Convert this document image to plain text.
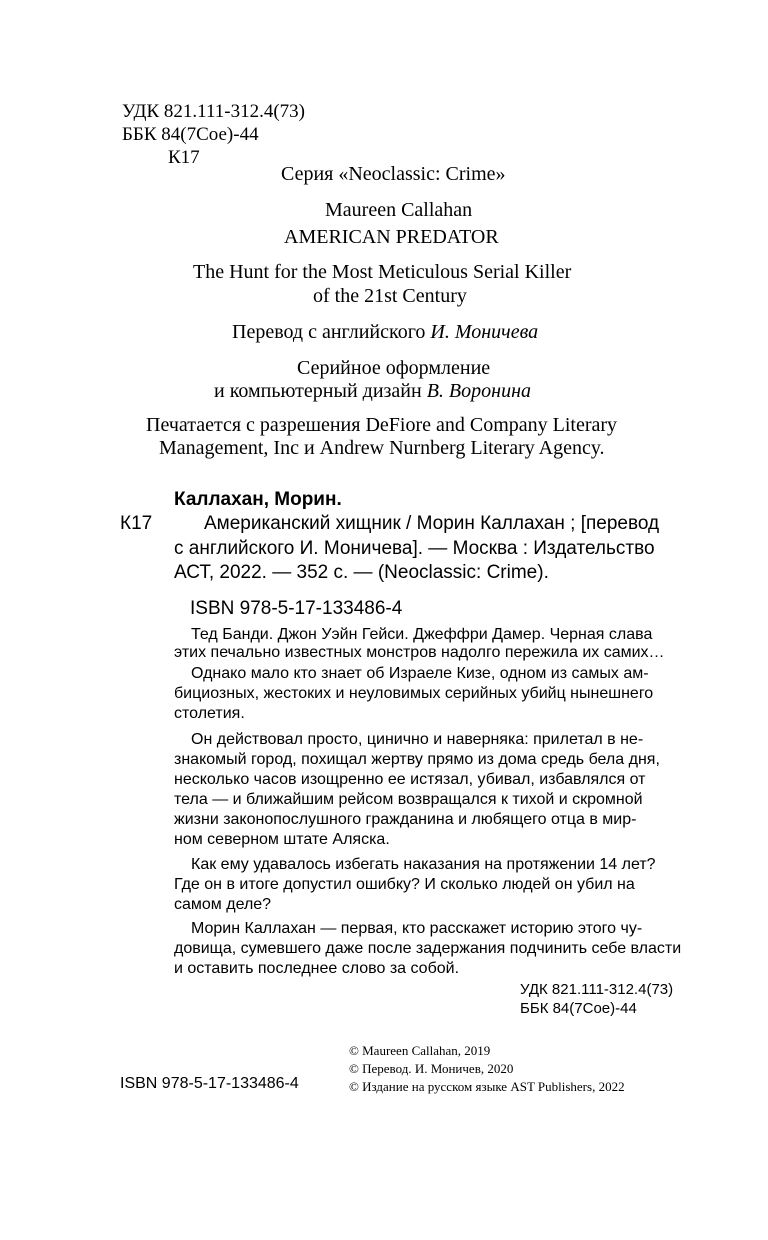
УДК 821.111-312.4(73)
ББК 84(7Сое)-44
К17
Серия «Neoclassic: Crime»
Maureen Callahan
AMERICAN PREDATOR
The Hunt for the Most Meticulous Serial Killer
of the 21st Century
Перевод с английского И. Моничева
Серийное оформление
и компьютерный дизайн В. Воронина
Печатается с разрешения DeFiore and Company Literary
Management, Inc и Andrew Nurnberg Literary Agency.
Каллахан, Морин.
К17	Американский хищник / Морин Каллахан ; [перевод
с английского И. Моничева]. — Москва : Издательство
АСТ, 2022. — 352 с. — (Neoclassic: Crime).
ISBN 978-5-17-133486-4
Тед Банди. Джон Уэйн Гейси. Джеффри Дамер. Черная слава
этих печально известных монстров надолго пережила их самих…
Однако мало кто знает об Израеле Кизе, одном из самых ам-
бициозных, жестоких и неуловимых серийных убийц нынешнего
столетия.
Он действовал просто, цинично и наверняка: прилетал в не-
знакомый город, похищал жертву прямо из дома средь бела дня,
несколько часов изощренно ее истязал, убивал, избавлялся от
тела — и ближайшим рейсом возвращался к тихой и скромной
жизни законопослушного гражданина и любящего отца в мир-
ном северном штате Аляска.
Как ему удавалось избегать наказания на протяжении 14 лет?
Где он в итоге допустил ошибку? И сколько людей он убил на
самом деле?
Морин Каллахан — первая, кто расскажет историю этого чу-
довища, сумевшего даже после задержания подчинить себе власти
и оставить последнее слово за собой.
УДК 821.111-312.4(73)
ББК 84(7Сое)-44
© Maureen Callahan, 2019
© Перевод. И. Моничев, 2020
ISBN 978-5-17-133486-4	© Издание на русском языке AST Publishers, 2022
